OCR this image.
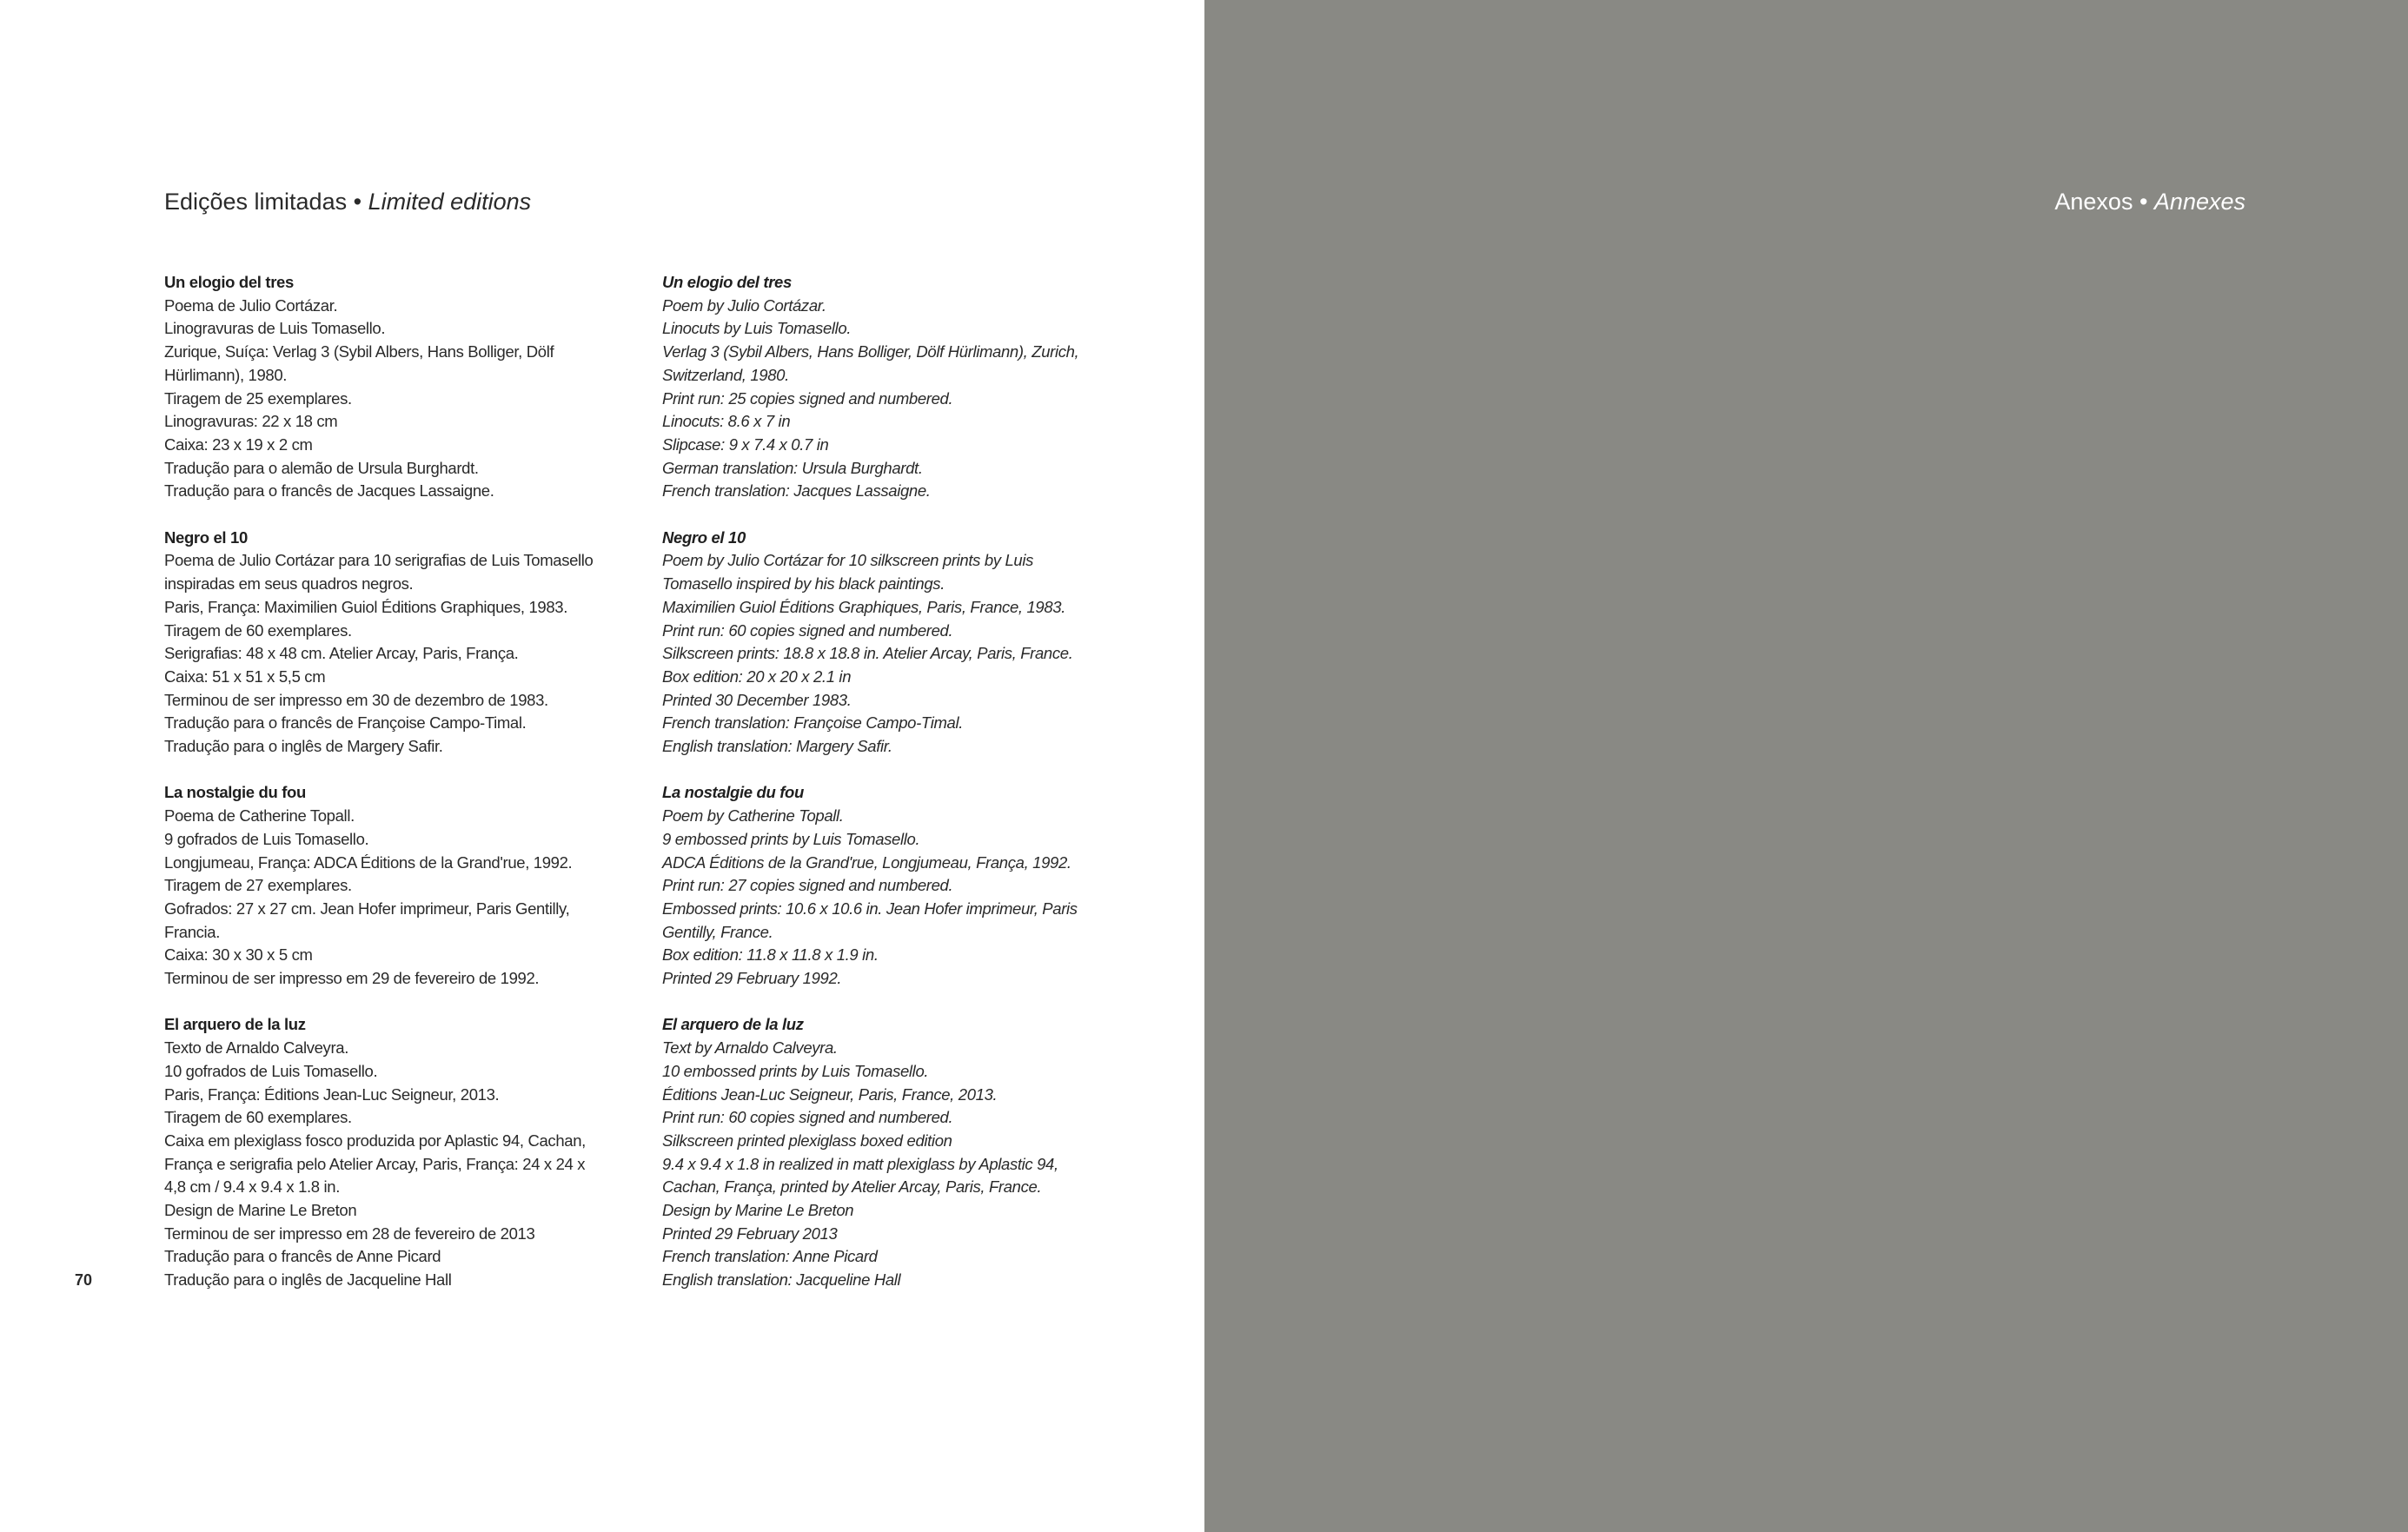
Edições limitadas • Limited editions
Un elogio del tres
Poema de Julio Cortázar.
Linogravuras de Luis Tomasello.
Zurique, Suíça: Verlag 3 (Sybil Albers, Hans Bolliger, Dölf
Hürlimann), 1980.
Tiragem de 25 exemplares.
Linogravuras: 22 x 18 cm
Caixa: 23 x 19 x 2 cm
Tradução para o alemão de Ursula Burghardt.
Tradução para o francês de Jacques Lassaigne.
Negro el 10
Poema de Julio Cortázar para 10 serigrafias de Luis Tomasello
inspiradas em seus quadros negros.
Paris, França: Maximilien Guiol Éditions Graphiques, 1983.
Tiragem de 60 exemplares.
Serigrafias: 48 x 48 cm. Atelier Arcay, Paris, França.
Caixa: 51 x 51 x 5,5 cm
Terminou de ser impresso em 30 de dezembro de 1983.
Tradução para o francês de Françoise Campo-Timal.
Tradução para o inglês de Margery Safir.
La nostalgie du fou
Poema de Catherine Topall.
9 gofrados de Luis Tomasello.
Longjumeau, França: ADCA Éditions de la Grand'rue, 1992.
Tiragem de 27 exemplares.
Gofrados: 27 x 27 cm. Jean Hofer imprimeur, Paris Gentilly,
Francia.
Caixa: 30 x 30 x 5 cm
Terminou de ser impresso em 29 de fevereiro de 1992.
El arquero de la luz
Texto de Arnaldo Calveyra.
10 gofrados de Luis Tomasello.
Paris, França: Éditions Jean-Luc Seigneur, 2013.
Tiragem de 60 exemplares.
Caixa em plexiglass fosco produzida por Aplastic 94, Cachan,
França e serigrafia pelo Atelier Arcay, Paris, França: 24 x 24 x
4,8 cm / 9.4 x 9.4 x 1.8 in.
Design de Marine Le Breton
Terminou de ser impresso em 28 de fevereiro de 2013
Tradução para o francês de Anne Picard
Tradução para o inglês de Jacqueline Hall
Un elogio del tres
Poem by Julio Cortázar.
Linocuts by Luis Tomasello.
Verlag 3 (Sybil Albers, Hans Bolliger, Dölf Hürlimann), Zurich,
Switzerland, 1980.
Print run: 25 copies signed and numbered.
Linocuts: 8.6 x 7 in
Slipcase: 9 x 7.4 x 0.7 in
German translation: Ursula Burghardt.
French translation: Jacques Lassaigne.
Negro el 10
Poem by Julio Cortázar for 10 silkscreen prints by Luis
Tomasello inspired by his black paintings.
Maximilien Guiol Éditions Graphiques, Paris, France, 1983.
Print run: 60 copies signed and numbered.
Silkscreen prints: 18.8 x 18.8 in. Atelier Arcay, Paris, France.
Box edition: 20 x 20 x 2.1 in
Printed 30 December 1983.
French translation: Françoise Campo-Timal.
English translation: Margery Safir.
La nostalgie du fou
Poem by Catherine Topall.
9 embossed prints by Luis Tomasello.
ADCA Éditions de la Grand'rue, Longjumeau, França, 1992.
Print run: 27 copies signed and numbered.
Embossed prints: 10.6 x 10.6 in. Jean Hofer imprimeur, Paris
Gentilly, France.
Box edition: 11.8 x 11.8 x 1.9 in.
Printed 29 February 1992.
El arquero de la luz
Text by Arnaldo Calveyra.
10 embossed prints by Luis Tomasello.
Éditions Jean-Luc Seigneur, Paris, France, 2013.
Print run: 60 copies signed and numbered.
Silkscreen printed plexiglass boxed edition
9.4 x 9.4 x 1.8 in realized in matt plexiglass by Aplastic 94,
Cachan, França, printed by Atelier Arcay, Paris, France.
Design by Marine Le Breton
Printed 29 February 2013
French translation: Anne Picard
English translation: Jacqueline Hall
70
Anexos • Annexes
